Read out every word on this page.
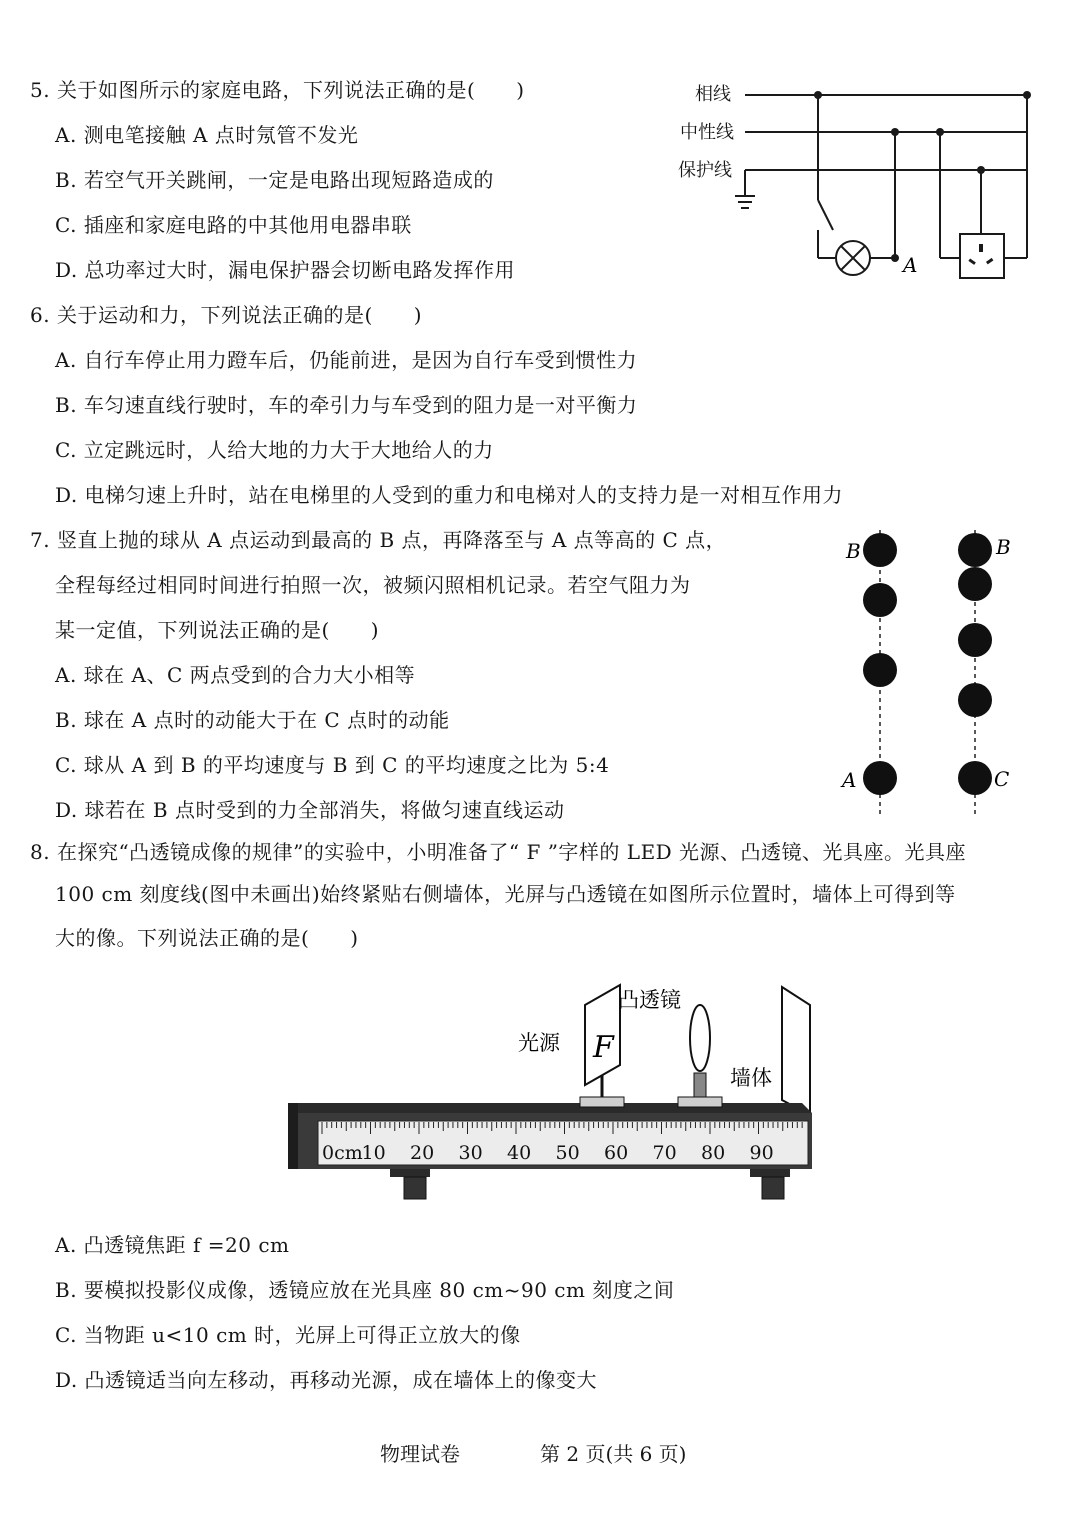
5. 关于如图所示的家庭电路，下列说法正确的是(　　)
A. 测电笔接触 A 点时氖管不发光
B. 若空气开关跳闸，一定是电路出现短路造成的
C. 插座和家庭电路的中其他用电器串联
D. 总功率过大时，漏电保护器会切断电路发挥作用
相线
中性线
保护线
A
6. 关于运动和力，下列说法正确的是(　　)
A. 自行车停止用力蹬车后，仍能前进，是因为自行车受到惯性力
B. 车匀速直线行驶时，车的牵引力与车受到的阻力是一对平衡力
C. 立定跳远时，人给大地的力大于大地给人的力
D. 电梯匀速上升时，站在电梯里的人受到的重力和电梯对人的支持力是一对相互作用力
7. 竖直上抛的球从 A 点运动到最高的 B 点，再降落至与 A 点等高的 C 点，
全程每经过相同时间进行拍照一次，被频闪照相机记录。若空气阻力为
某一定值，下列说法正确的是(　　)
A. 球在 A、C 两点受到的合力大小相等
B. 球在 A 点时的动能大于在 C 点时的动能
C. 球从 A 到 B 的平均速度与 B 到 C 的平均速度之比为 5:4
D. 球若在 B 点时受到的力全部消失，将做匀速直线运动
B
A
B
C
8. 在探究“凸透镜成像的规律”的实验中，小明准备了“ F ”字样的 LED 光源、凸透镜、光具座。光具座
100 cm 刻度线(图中未画出)始终紧贴右侧墙体，光屏与凸透镜在如图所示位置时，墙体上可得到等
大的像。下列说法正确的是(　　)
F
凸透镜
光源
墙体
0cm
10 20 30 40 50 60 70 80 90
A. 凸透镜焦距 f =20 cm
B. 要模拟投影仪成像，透镜应放在光具座 80 cm~90 cm 刻度之间
C. 当物距 u<10 cm 时，光屏上可得正立放大的像
D. 凸透镜适当向左移动，再移动光源，成在墙体上的像变大
物理试卷	第 2 页(共 6 页)
